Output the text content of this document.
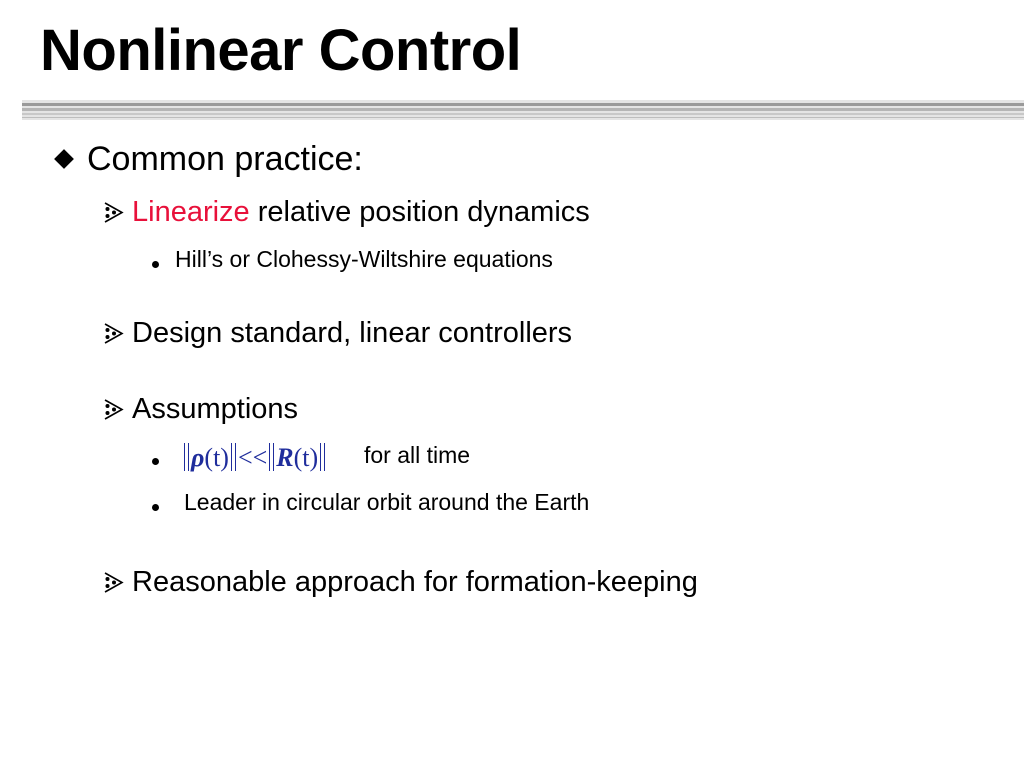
Nonlinear Control
Common practice:
Linearize relative position dynamics
Hill’s or Clohessy-Wiltshire equations
Design standard, linear controllers
Assumptions
ρ(t) << R(t)	for all time
Leader in circular orbit around the Earth
Reasonable approach for formation-keeping
